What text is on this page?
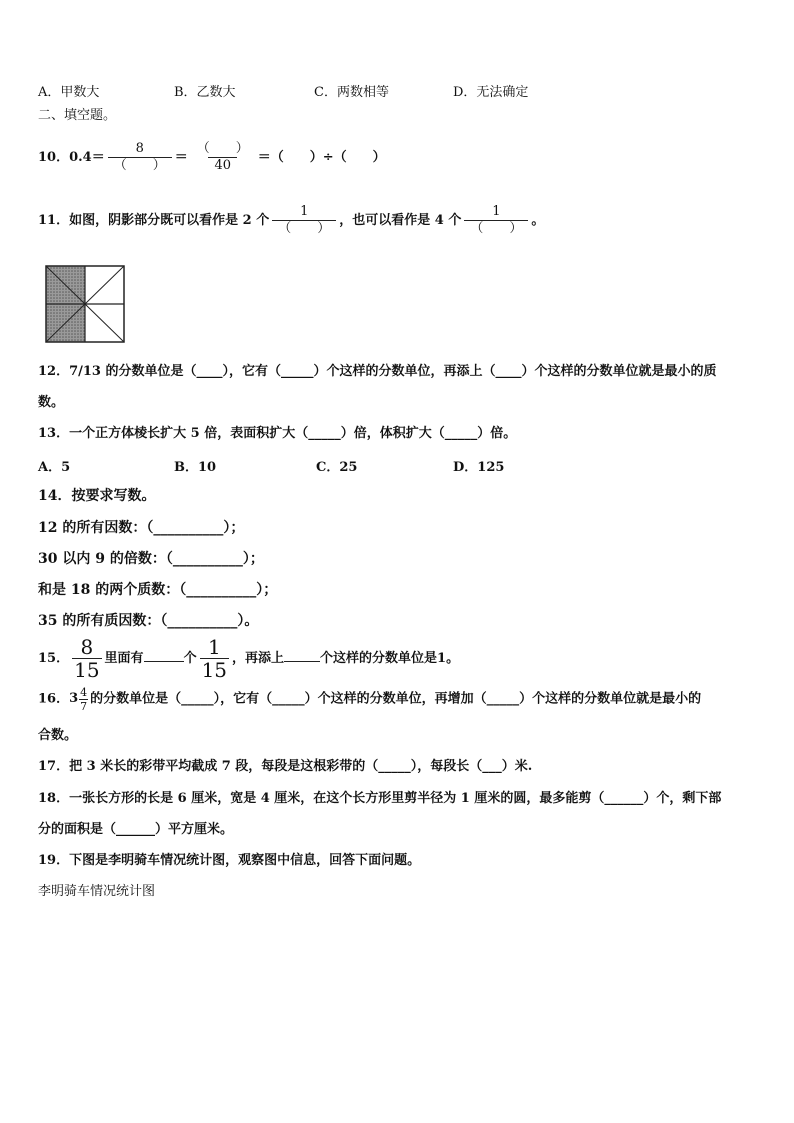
A．甲数大	B．乙数大	C．两数相等	D．无法确定
二、填空题。
10．$0.4= \frac{8}{( )} = \frac{( )}{40}$ ＝（　　）÷（　　）
11．如图，阴影部分既可以看作是 2 个 $\frac{1}{( )}$ ，也可以看作是 4 个 $\frac{1}{( )}$ 。
12．7/13 的分数单位是（____），它有（_____）个这样的分数单位，再添上（____）个这样的分数单位就是最小的质
数。
13．一个正方体棱长扩大 5 倍，表面积扩大（_____）倍，体积扩大（_____）倍。
A．5	B．10	C．25	D．125
14．按要求写数。
12 的所有因数：（__________）；
30 以内 9 的倍数：（__________）；
和是 18 的两个质数：（__________）；
35 的所有质因数：（__________）。
15． $\frac{8}{15}$ 里面有	个 $\frac{1}{15}$ ，再添上	个这样的分数单位是1。
16． $3 \frac{4}{7}$ 的分数单位是（_____），它有（_____）个这样的分数单位，再增加（_____）个这样的分数单位就是最小的
合数。
17．把 3 米长的彩带平均截成 7 段，每段是这根彩带的（_____），每段长（___）米.
18．一张长方形的长是 6 厘米，宽是 4 厘米，在这个长方形里剪半径为 1 厘米的圆，最多能剪（______）个，剩下部
分的面积是（______）平方厘米。
19．下图是李明骑车情况统计图，观察图中信息，回答下面问题。
李明骑车情况统计图
